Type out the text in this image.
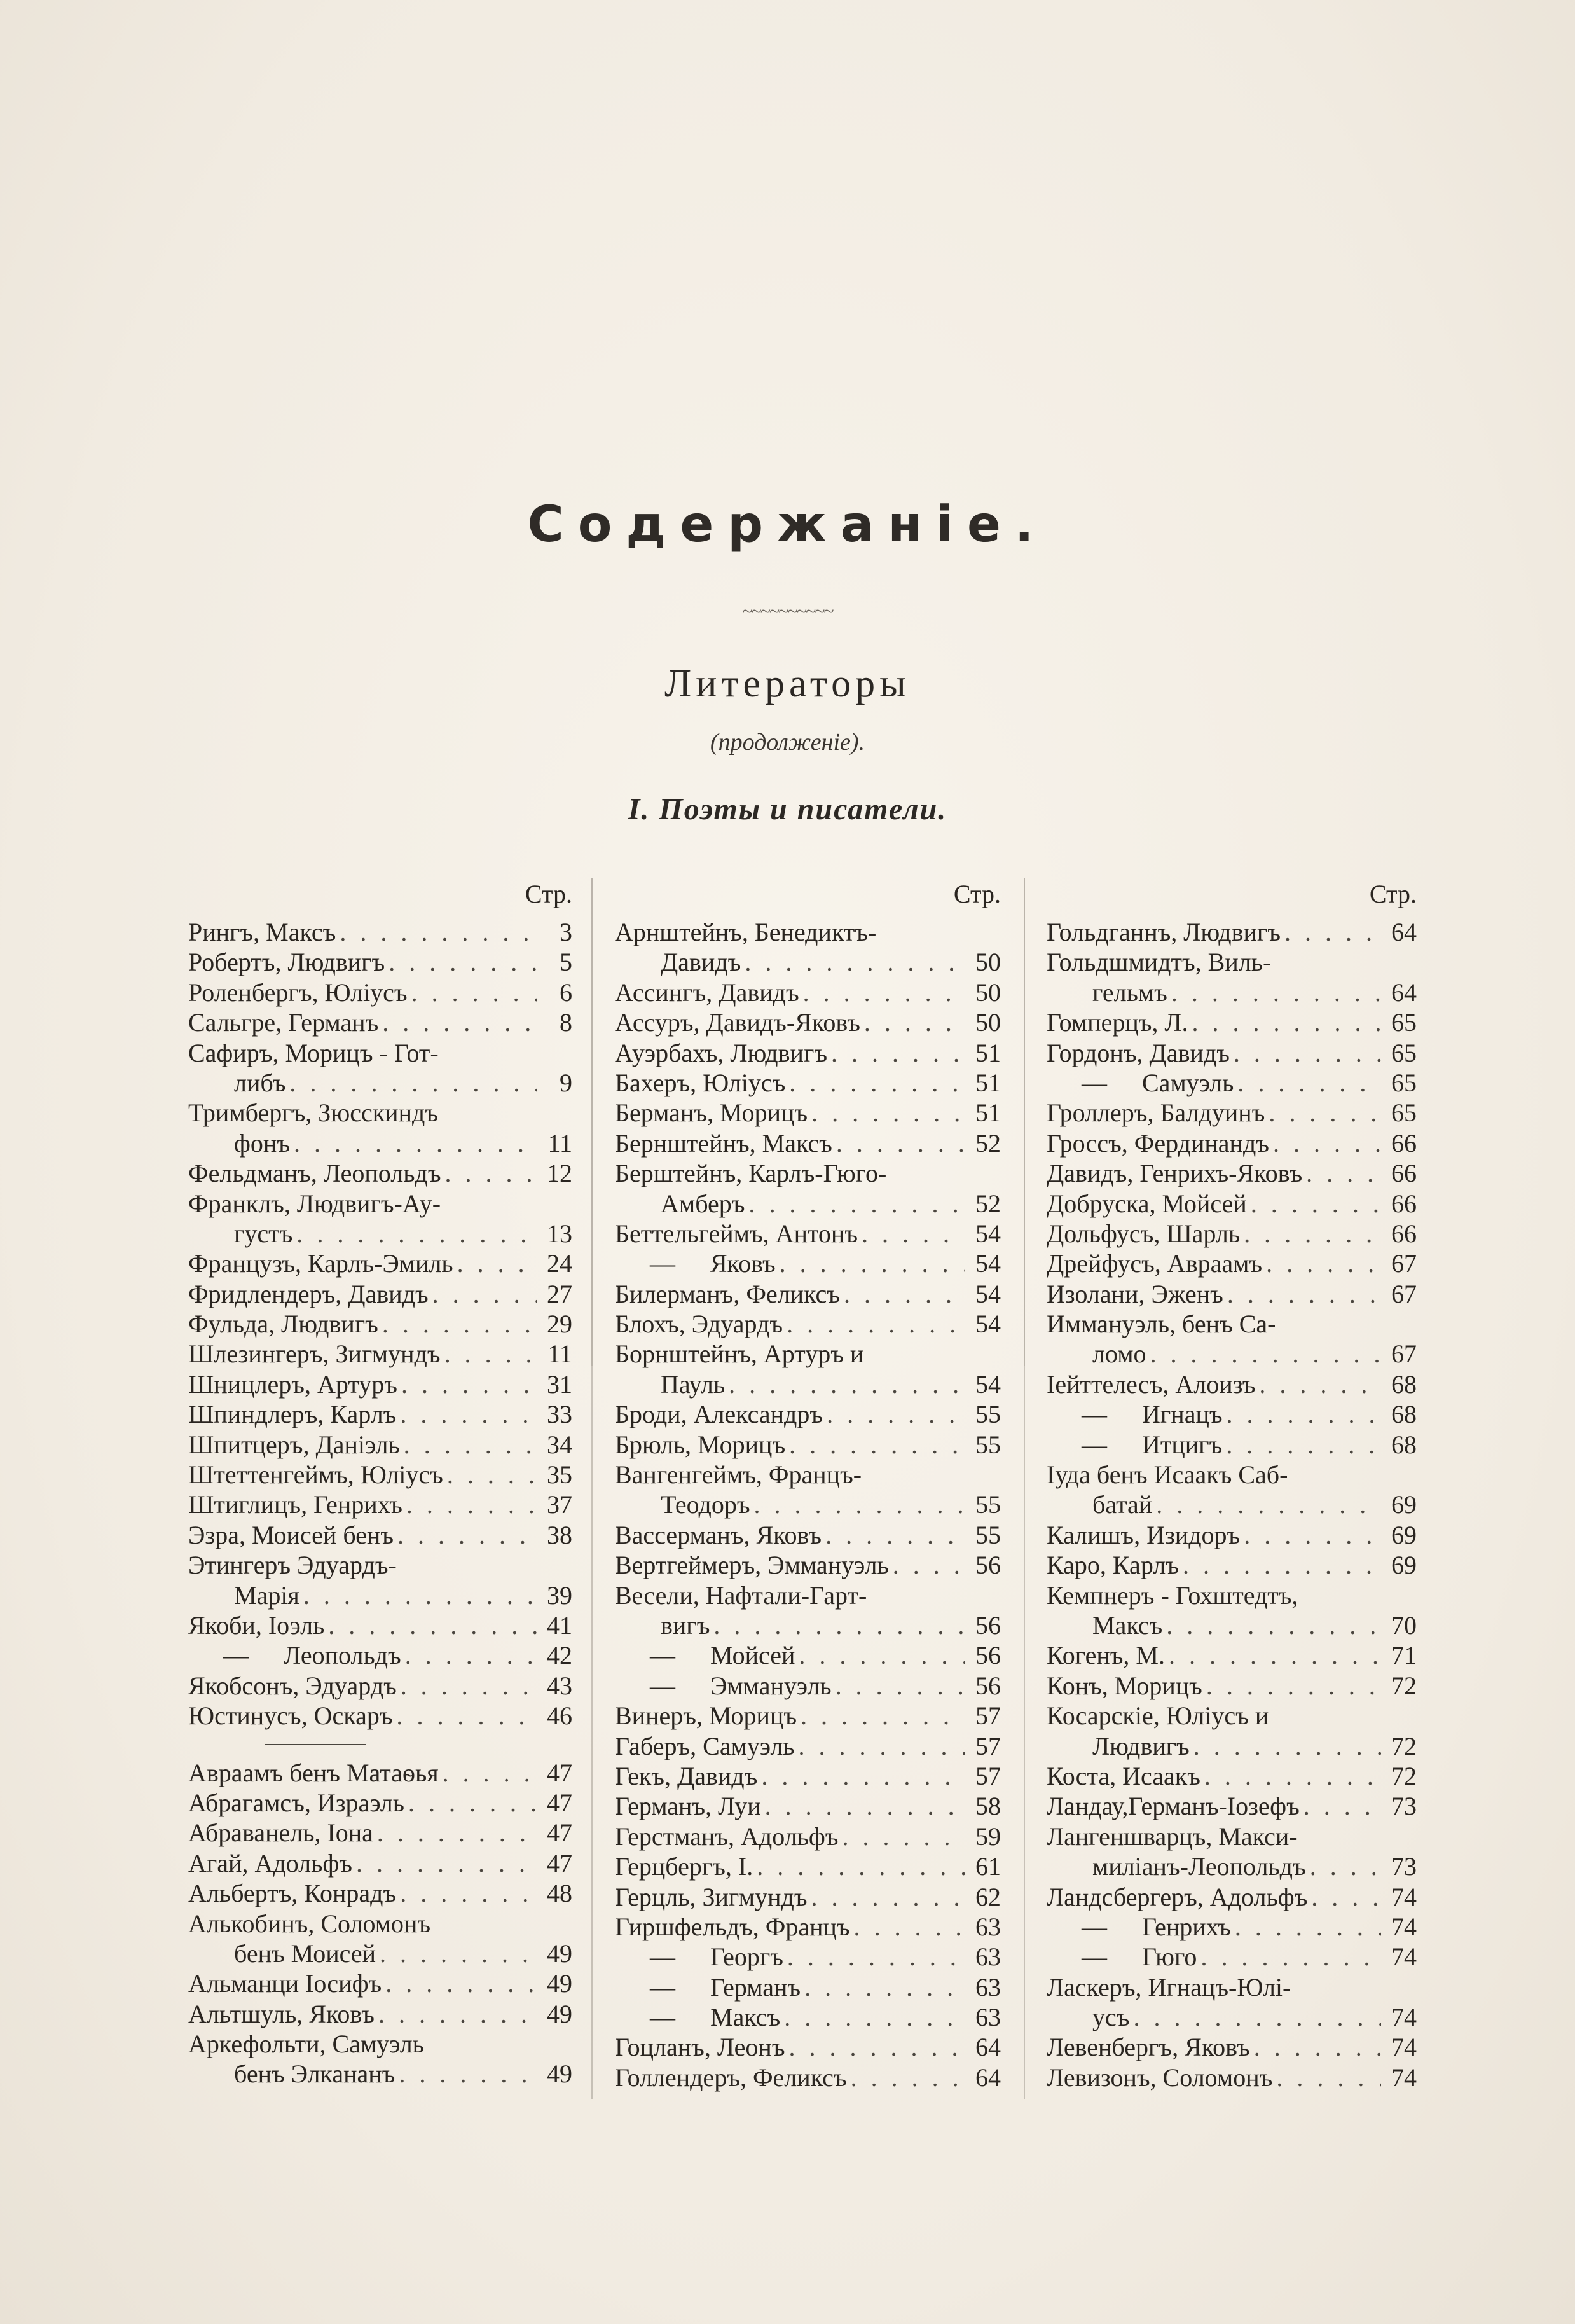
Содержаніе.
~~~~~~~~~~
Литераторы
(продолженіе).
I. Поэты и писатели.
Стр.
Рингъ, Максъ . . .	3
Робертъ, Людвигъ . . .	5
Роленбергъ, Юліусъ . . .	6
Сальгре, Германъ . . .	8
Сафиръ, Морицъ - Гот-
либъ . . .	9
Тримбергъ, Зюсскиндъ
фонъ . . .	11
Фельдманъ, Леопольдъ . . .	12
Франклъ, Людвигъ-Ау-
густъ . . .	13
Французъ, Карлъ-Эмиль . . .	24
Фридлендеръ, Давидъ . . .	27
Фульда, Людвигъ . . .	29
Шлезингеръ, Зигмундъ . . .	11
Шницлеръ, Артуръ . . .	31
Шпиндлеръ, Карлъ . . .	33
Шпитцеръ, Даніэль . . .	34
Штеттенгеймъ, Юліусъ . . .	35
Штиглицъ, Генрихъ . . .	37
Эзра, Моисей бенъ . . .	38
Этингеръ Эдуардъ-
Марія . . .	39
Якоби, Іоэль . . .	41
—	Леопольдъ . . .	42
Якобсонъ, Эдуардъ . . .	43
Юстинусъ, Оскаръ . . .	46
Авраамъ бенъ Матаѳья . . .	47
Абрагамсъ, Израэль . . .	47
Абраванель, Іона . . .	47
Агай, Адольфъ . . .	47
Альбертъ, Конрадъ . . .	48
Алькобинъ, Соломонъ
бенъ Моисей . . .	49
Альманци Іосифъ . . .	49
Альтшуль, Яковъ . . .	49
Аркефольти, Самуэль
бенъ Элкананъ . . .	49
Стр.
Арнштейнъ, Бенедиктъ-
Давидъ . . .	50
Ассингъ, Давидъ . . .	50
Ассуръ, Давидъ-Яковъ . . .	50
Ауэрбахъ, Людвигъ . . .	51
Бахеръ, Юліусъ . . .	51
Берманъ, Морицъ . . .	51
Бернштейнъ, Максъ . . .	52
Берштейнъ, Карлъ-Гюго-
Амберъ . . .	52
Беттельгеймъ, Антонъ . . .	54
—	Яковъ . . .	54
Билерманъ, Феликсъ . . .	54
Блохъ, Эдуардъ . . .	54
Борнштейнъ, Артуръ и
Пауль . . .	54
Броди, Александръ . . .	55
Брюль, Морицъ . . .	55
Вангенгеймъ, Францъ-
Теодоръ . . .	55
Вассерманъ, Яковъ . . .	55
Вертгеймеръ, Эммануэль . . .	56
Весели, Нафтали-Гарт-
вигъ . . .	56
—	Мойсей . . .	56
—	Эммануэль . . .	56
Винеръ, Морицъ . . .	57
Габеръ, Самуэль . . .	57
Гекъ, Давидъ . . .	57
Германъ, Луи . . .	58
Герстманъ, Адольфъ . . .	59
Герцбергъ, І. . . .	61
Герцль, Зигмундъ . . .	62
Гиршфельдъ, Францъ . . .	63
—	Георгъ . . .	63
—	Германъ . . .	63
—	Максъ . . .	63
Гоцланъ, Леонъ . . .	64
Голлендеръ, Феликсъ . . .	64
Стр.
Гольдганнъ, Людвигъ . . .	64
Гольдшмидтъ, Виль-
гельмъ . . .	64
Гомперцъ, Л. . . .	65
Гордонъ, Давидъ . . .	65
—	Самуэль . . .	65
Гроллеръ, Балдуинъ . . .	65
Гроссъ, Фердинандъ . . .	66
Давидъ, Генрихъ-Яковъ . . .	66
Добруска, Мойсей . . .	66
Дольфусъ, Шарль . . .	66
Дрейфусъ, Авраамъ . . .	67
Изолани, Эженъ . . .	67
Иммануэль, бенъ Са-
ломо . . .	67
Іейттелесъ, Алоизъ . . .	68
—	Игнацъ . . .	68
—	Итцигъ . . .	68
Іуда бенъ Исаакъ Саб-
батай . . .	69
Калишъ, Изидоръ . . .	69
Каро, Карлъ . . .	69
Кемпнеръ - Гохштедтъ,
Максъ . . .	70
Когенъ, М. . . .	71
Конъ, Морицъ . . .	72
Косарскіе, Юліусъ и
Людвигъ . . .	72
Коста, Исаакъ . . .	72
Ландау,Германъ-Іозефъ . . .	73
Лангеншварцъ, Макси-
миліанъ-Леопольдъ . . .	73
Ландсбергеръ, Адольфъ . . .	74
—	Генрихъ . . .	74
—	Гюго . . .	74
Ласкеръ, Игнацъ-Юлі-
усъ . . .	74
Левенбергъ, Яковъ . . .	74
Левизонъ, Соломонъ . . .	74
